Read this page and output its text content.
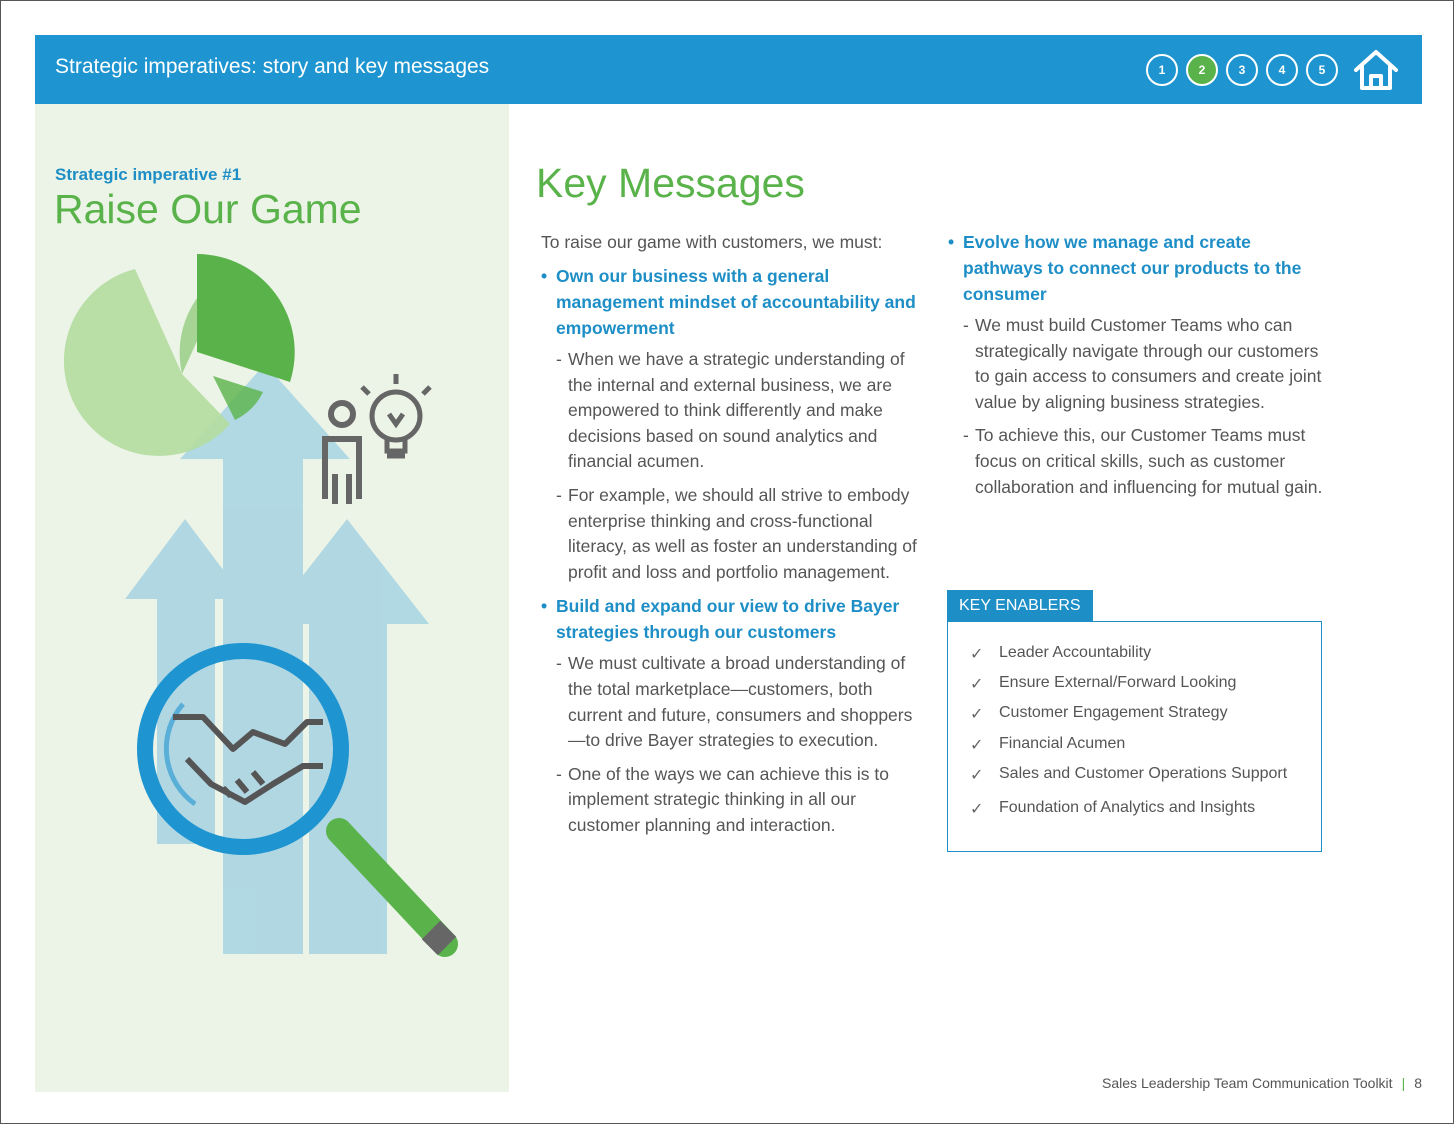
Strategic imperatives: story and key messages	1	2	3	4	5
Strategic imperative #1
Raise Our Game
Key Messages

To raise our game with customers, we must:

• Own our business with a general management mindset of accountability and empowerment
- When we have a strategic understanding of the internal and external business, we are empowered to think differently and make decisions based on sound analytics and financial acumen.
- For example, we should all strive to embody enterprise thinking and cross-functional literacy, as well as foster an understanding of profit and loss and portfolio management.
• Build and expand our view to drive Bayer strategies through our customers
- We must cultivate a broad understanding of the total marketplace—customers, both current and future, consumers and shoppers—to drive Bayer strategies to execution.
- One of the ways we can achieve this is to implement strategic thinking in all our customer planning and interaction.
• Evolve how we manage and create pathways to connect our products to the consumer
- We must build Customer Teams who can strategically navigate through our customers to gain access to consumers and create joint value by aligning business strategies.
- To achieve this, our Customer Teams must focus on critical skills, such as customer collaboration and influencing for mutual gain.
KEY ENABLERS
✓ Leader Accountability
✓ Ensure External/Forward Looking
✓ Customer Engagement Strategy
✓ Financial Acumen
✓ Sales and Customer Operations Support
✓ Foundation of Analytics and Insights
Sales Leadership Team Communication Toolkit | 8
